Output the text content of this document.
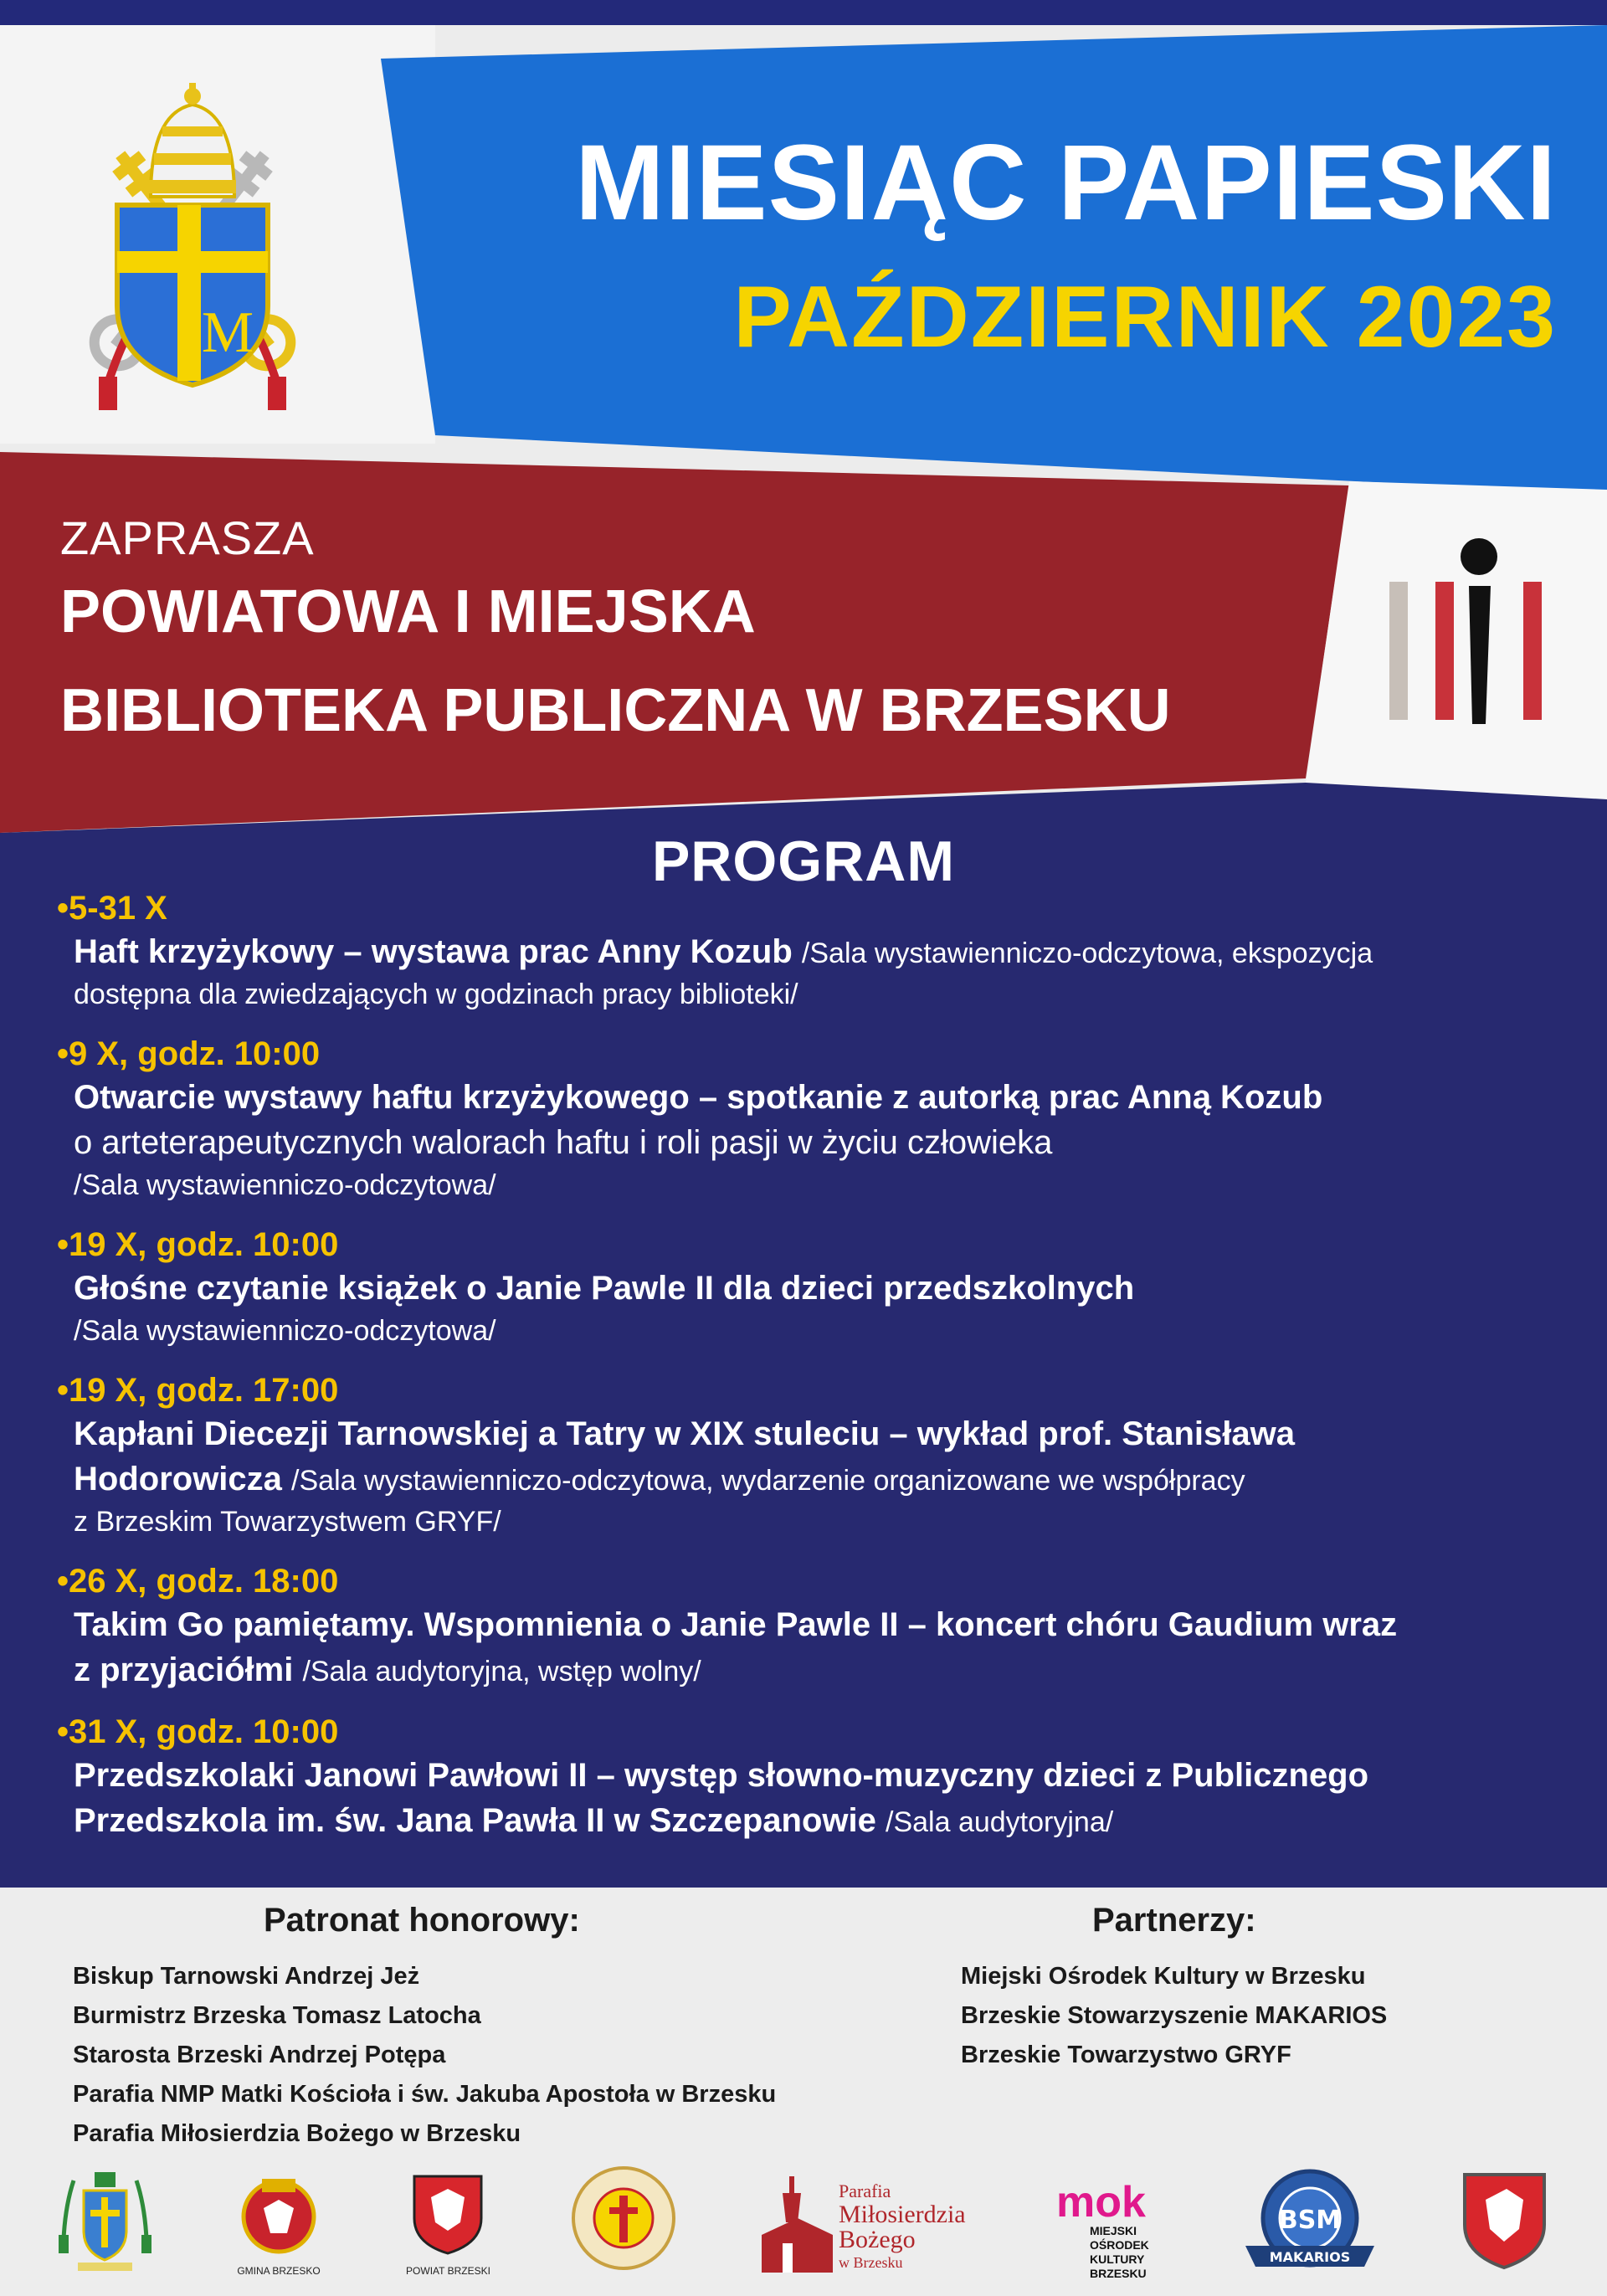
M
MIESIĄC PAPIESKI
PAŹDZIERNIK 2023
ZAPRASZA
POWIATOWA I MIEJSKA
BIBLIOTEKA PUBLICZNA W BRZESKU
PROGRAM
•5-31 X
Haft krzyżykowy – wystawa prac Anny Kozub /Sala wystawienniczo-odczytowa, ekspozycja
dostępna dla zwiedzających w godzinach pracy biblioteki/
•9 X, godz. 10:00
Otwarcie wystawy haftu krzyżykowego – spotkanie z autorką prac Anną Kozub
o arteterapeutycznych walorach haftu i roli pasji w życiu człowieka
/Sala wystawienniczo-odczytowa/
•19 X, godz. 10:00
Głośne czytanie książek o Janie Pawle II dla dzieci przedszkolnych
/Sala wystawienniczo-odczytowa/
•19 X, godz. 17:00
Kapłani Diecezji Tarnowskiej a Tatry w XIX stuleciu – wykład prof. Stanisława
Hodorowicza /Sala wystawienniczo-odczytowa, wydarzenie organizowane we współpracy
z Brzeskim Towarzystwem GRYF/
•26 X, godz. 18:00
Takim Go pamiętamy. Wspomnienia o Janie Pawle II – koncert chóru Gaudium wraz
z przyjaciółmi /Sala audytoryjna, wstęp wolny/
•31 X, godz. 10:00
Przedszkolaki Janowi Pawłowi II – występ słowno-muzyczny dzieci z Publicznego
Przedszkola im. św. Jana Pawła II w Szczepanowie /Sala audytoryjna/
Patronat honorowy:	Partnerzy:
Biskup Tarnowski Andrzej Jeż
Burmistrz Brzeska Tomasz Latocha
Starosta Brzeski Andrzej Potępa
Parafia NMP Matki Kościoła i św. Jakuba Apostoła w Brzesku
Parafia Miłosierdzia Bożego w Brzesku
Miejski Ośrodek Kultury w Brzesku
Brzeskie Stowarzyszenie MAKARIOS
Brzeskie Towarzystwo GRYF
GMINA BRZESKO	POWIAT BRZESKI
Parafia
Miłosierdzia
Bożego
w Brzesku
mok
MIEJSKI
OŚRODEK
KULTURY
BRZESKU
BSM
MAKARIOS
